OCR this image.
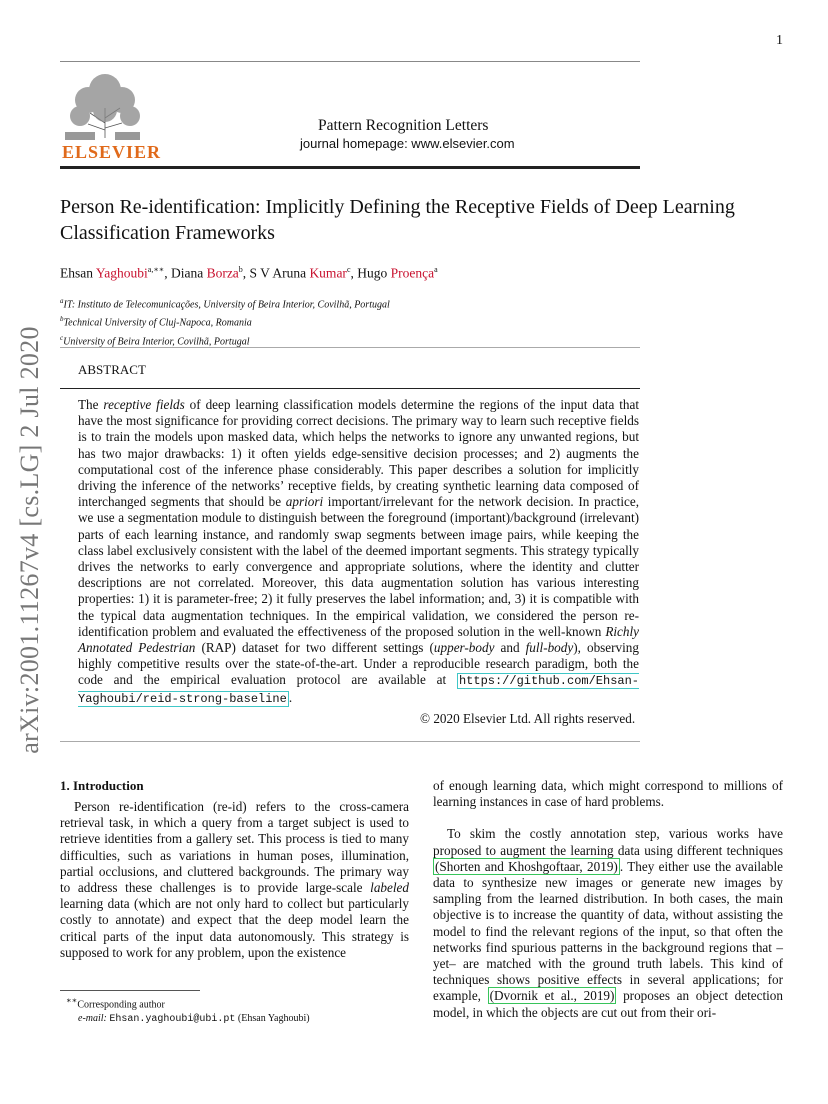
1
ELSEVIER
Pattern Recognition Letters
journal homepage: www.elsevier.com
Person Re-identification: Implicitly Defining the Receptive Fields of Deep Learning Classification Frameworks
Ehsan Yaghoubi$^{a,∗∗}$, Diana Borza$^b$, S V Aruna Kumar$^c$, Hugo Proença$^a$
$^a$IT: Instituto de Telecomunicações, University of Beira Interior, Covilhã, Portugal
$^b$Technical University of Cluj-Napoca, Romania
$^c$University of Beira Interior, Covilhã, Portugal
ABSTRACT
The receptive fields of deep learning classification models determine the regions of the input data that have the most significance for providing correct decisions. The primary way to learn such receptive fields is to train the models upon masked data, which helps the networks to ignore any unwanted regions, but has two major drawbacks: 1) it often yields edge-sensitive decision processes; and 2) augments the computational cost of the inference phase considerably. This paper describes a solution for implicitly driving the inference of the networks’ receptive fields, by creating synthetic learning data composed of interchanged segments that should be apriori important/irrelevant for the network decision. In practice, we use a segmentation module to distinguish between the foreground (important)/background (irrelevant) parts of each learning instance, and randomly swap segments between image pairs, while keeping the class label exclusively consistent with the label of the deemed important segments. This strategy typically drives the networks to early convergence and appropriate solutions, where the identity and clutter descriptions are not correlated. Moreover, this data augmentation solution has various interesting properties: 1) it is parameter-free; 2) it fully preserves the label information; and, 3) it is compatible with the typical data augmentation techniques. In the empirical validation, we considered the person re-identification problem and evaluated the effectiveness of the proposed solution in the well-known Richly Annotated Pedestrian (RAP) dataset for two different settings (upper-body and full-body), observing highly competitive results over the state-of-the-art. Under a reproducible research paradigm, both the code and the empirical evaluation protocol are available at https://github.com/Ehsan-Yaghoubi/reid-strong-baseline .
© 2020 Elsevier Ltd. All rights reserved.
arXiv:2001.11267v4 [cs.LG] 2 Jul 2020
1. Introduction

Person re-identification (re-id) refers to the cross-camera retrieval task, in which a query from a target subject is used to retrieve identities from a gallery set. This process is tied to many difficulties, such as variations in human poses, illumination, partial occlusions, and cluttered backgrounds. The primary way to address these challenges is to provide large-scale labeled learning data (which are not only hard to collect but particularly costly to annotate) and expect that the deep model learn the critical parts of the input data autonomously. This strategy is supposed to work for any problem, upon the existence

of enough learning data, which might correspond to millions of learning instances in case of hard problems.

To skim the costly annotation step, various works have proposed to augment the learning data using different techniques (Shorten and Khoshgoftaar, 2019) . They either use the available data to synthesize new images or generate new images by sampling from the learned distribution. In both cases, the main objective is to increase the quantity of data, without assisting the model to find the relevant regions of the input, so that often the networks find spurious patterns in the background regions that –yet– are matched with the ground truth labels. This kind of techniques shows positive effects in several applications; for example, (Dvornik et al., 2019) proposes an object detection model, in which the objects are cut out from their ori-

∗∗Corresponding author
e-mail: Ehsan.yaghoubi@ubi.pt (Ehsan Yaghoubi)
